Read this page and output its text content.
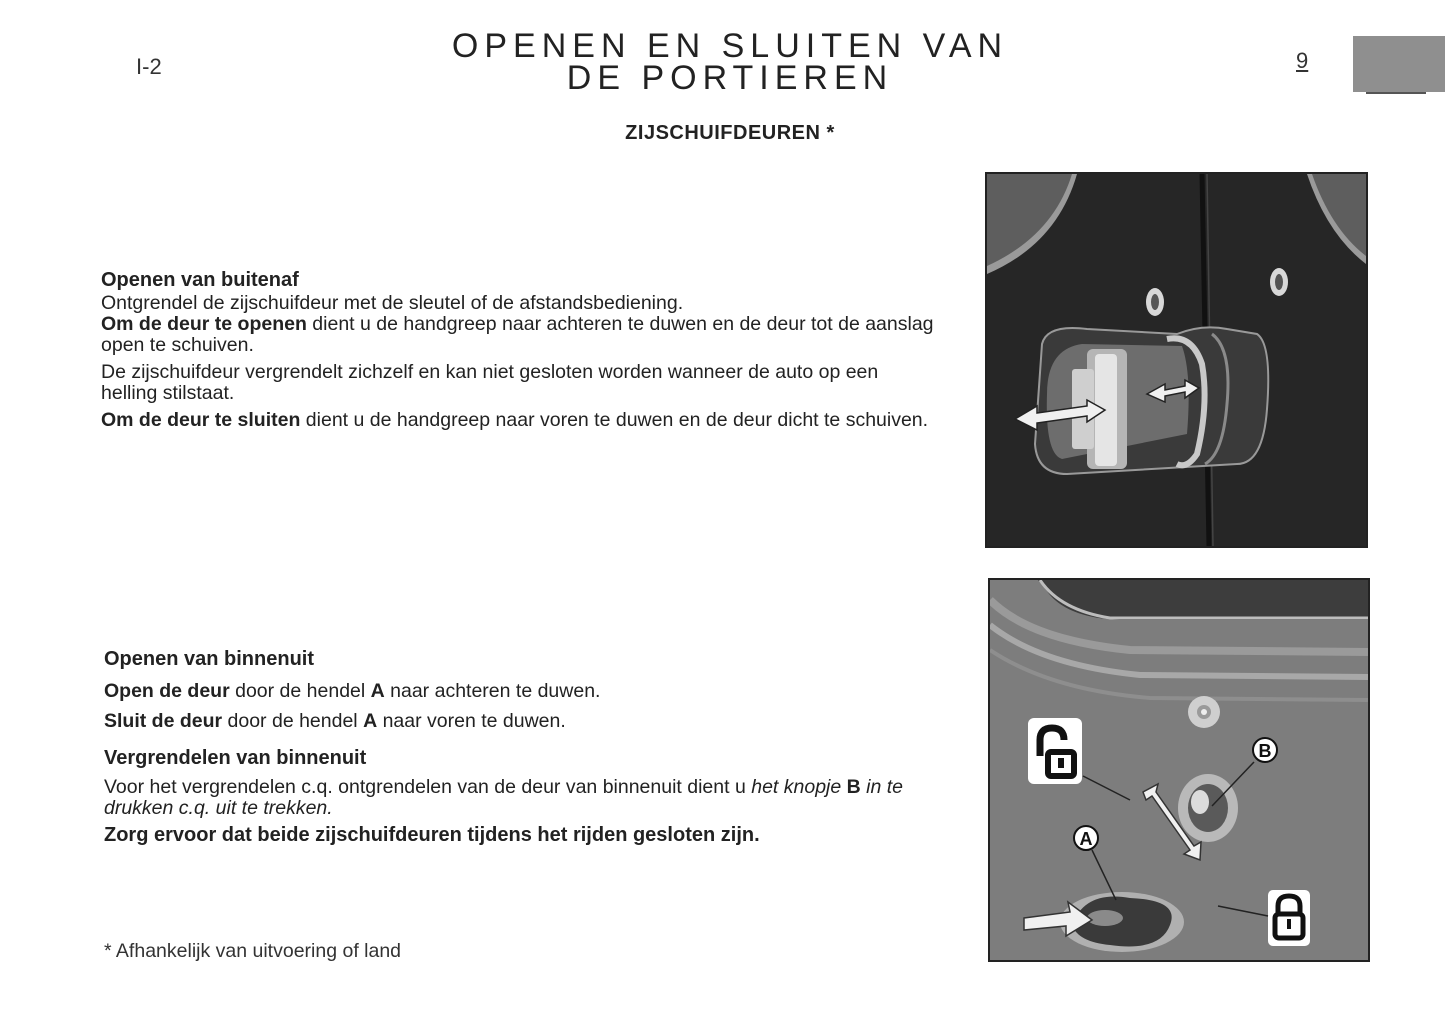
I-2
OPENEN EN SLUITEN VAN
DE PORTIEREN	9
ZIJSCHUIFDEUREN *

Openen van buitenaf

Ontgrendel de zijschuifdeur met de sleutel of de afstandsbediening.

Om de deur te openen dient u de handgreep naar achteren te duwen en de deur tot de aanslag open te schuiven.

De zijschuifdeur vergrendelt zichzelf en kan niet gesloten worden wanneer de auto op een helling stilstaat.

Om de deur te sluiten dient u de handgreep naar voren te duwen en de deur dicht te schuiven.

Openen van binnenuit

Open de deur door de hendel A naar achteren te duwen.

Sluit de deur door de hendel A naar voren te duwen.

Vergrendelen van binnenuit

Voor het vergrendelen c.q. ontgrendelen van de deur van binnenuit dient u het knopje B in te drukken c.q. uit te trekken.

Zorg ervoor dat beide zijschuifdeuren tijdens het rijden gesloten zijn.

* Afhankelijk van uitvoering of land
B
A
